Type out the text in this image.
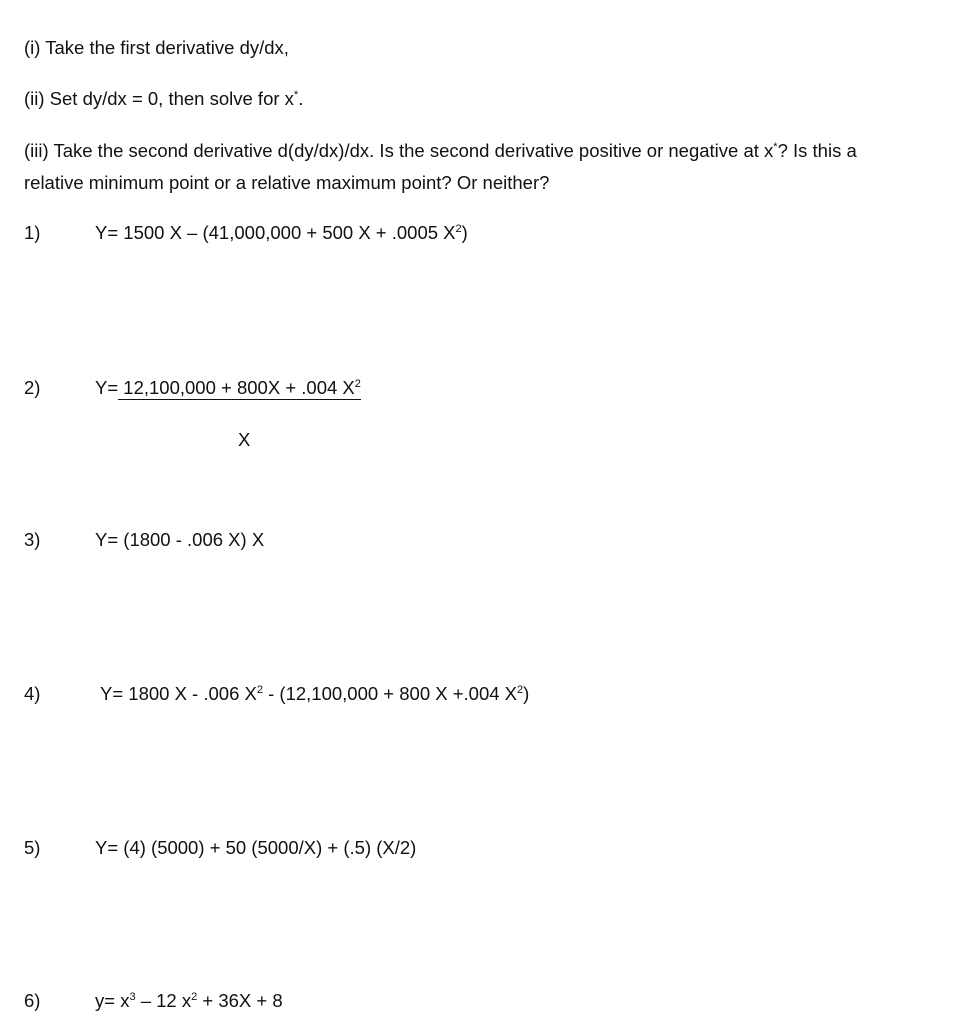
(i) Take the first derivative dy/dx,
(ii) Set dy/dx = 0, then solve for x*.
(iii) Take the second derivative d(dy/dx)/dx. Is the second derivative positive or negative at x*? Is this a
relative minimum point or a relative maximum point? Or neither?
1)	Y= 1500 X – (41,000,000 + 500 X + .0005 $X^2$)
2)	Y= 12,100,000 + 800X + .004 $X^2$
X
3)	Y= (1800 - .006 X) X
4)	Y= 1800 X - .006 $X^2 - (12,100,000 + 800$ X +.004 $X^2$)
5)	Y= (4) (5000) + 50 (5000/X) + (.5) (X/2)
6)	$y= x^3 - 12$ $x^2 + 36X + 8$
